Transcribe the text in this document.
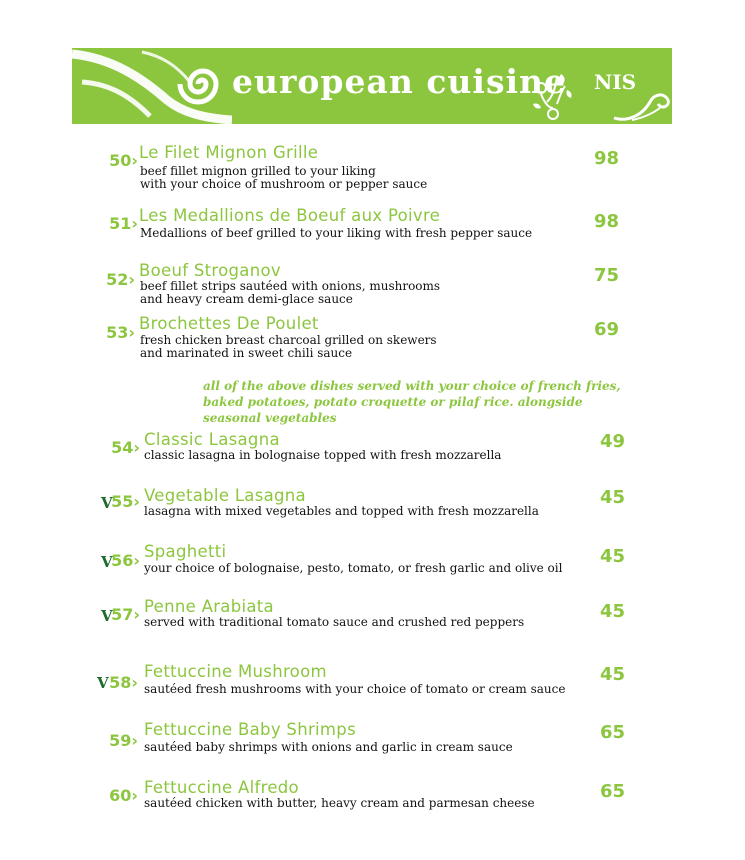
european cuisine NIS
50› Le Filet Mignon Grille
beef fillet mignon grilled to your liking
with your choice of mushroom or pepper sauce
98
51› Les Medallions de Boeuf aux Poivre
Medallions of beef grilled to your liking with fresh pepper sauce
98
52› Boeuf Stroganov
beef fillet strips sautéed with onions, mushrooms
and heavy cream demi-glace sauce
75
53› Brochettes De Poulet
fresh chicken breast charcoal grilled on skewers
and marinated in sweet chili sauce
69
all of the above dishes served with your choice of french fries, baked potatoes, potato croquette or pilaf rice. alongside seasonal vegetables
54› Classic Lasagna
classic lasagna in bolognaise topped with fresh mozzarella
49
V
55› Vegetable Lasagna
lasagna with mixed vegetables and topped with fresh mozzarella
45
V
56› Spaghetti
your choice of bolognaise, pesto, tomato, or fresh garlic and olive oil
45
V
57› Penne Arabiata
served with traditional tomato sauce and crushed red peppers	45
V 58›
Fettuccine Mushroom
sautéed fresh mushrooms with your choice of tomato or cream sauce
45
59›
Fettuccine Baby Shrimps
sautéed baby shrimps with onions and garlic in cream sauce
65
60› Fettuccine Alfredo
sautéed chicken with butter, heavy cream and parmesan cheese
65
